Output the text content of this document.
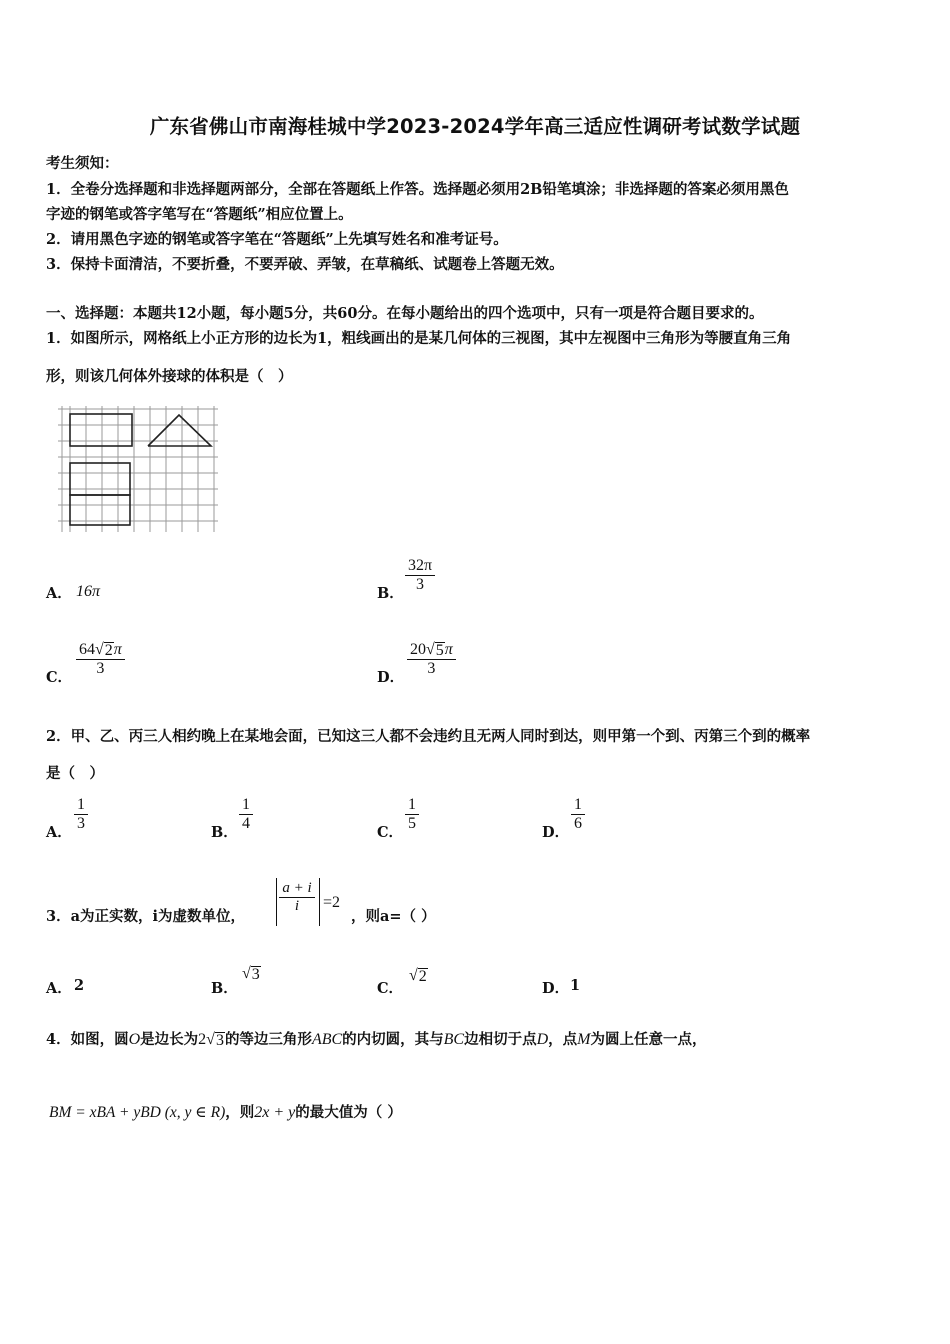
广东省佛山市南海桂城中学2023-2024学年高三适应性调研考试数学试题
考生须知：
1．全卷分选择题和非选择题两部分，全部在答题纸上作答。选择题必须用2B铅笔填涂；非选择题的答案必须用黑色
字迹的钢笔或答字笔写在“答题纸”相应位置上。
2．请用黑色字迹的钢笔或答字笔在“答题纸”上先填写姓名和准考证号。
3．保持卡面清洁，不要折叠，不要弄破、弄皱，在草稿纸、试题卷上答题无效。
一、选择题：本题共12小题，每小题5分，共60分。在每小题给出的四个选项中，只有一项是符合题目要求的。
1．如图所示，网格纸上小正方形的边长为1，粗线画出的是某几何体的三视图，其中左视图中三角形为等腰直角三角
形，则该几何体外接球的体积是（　）
A． 16π	B．
32π
3
C．
64√ 2 π
3
D．
20√ 5 π
3
2．甲、乙、丙三人相约晚上在某地会面，已知这三人都不会违约且无两人同时到达，则甲第一个到、丙第三个到的概率
是（　）
A．
1
3
B．
1
4
C．
1
5
D．
1
6
3．a为正实数，i为虚数单位，
a + i
i =2
，则a=（ ）
A． 2	B．
√ 3
C．
√ 2
D． 1
4．如图，圆O是边长为2√ 3 的等边三角形ABC的内切圆，其与BC边相切于点D，点M为圆上任意一点，
BM = xBA + yBD (x, y ∈ R)，则2x + y的最大值为（ ）
